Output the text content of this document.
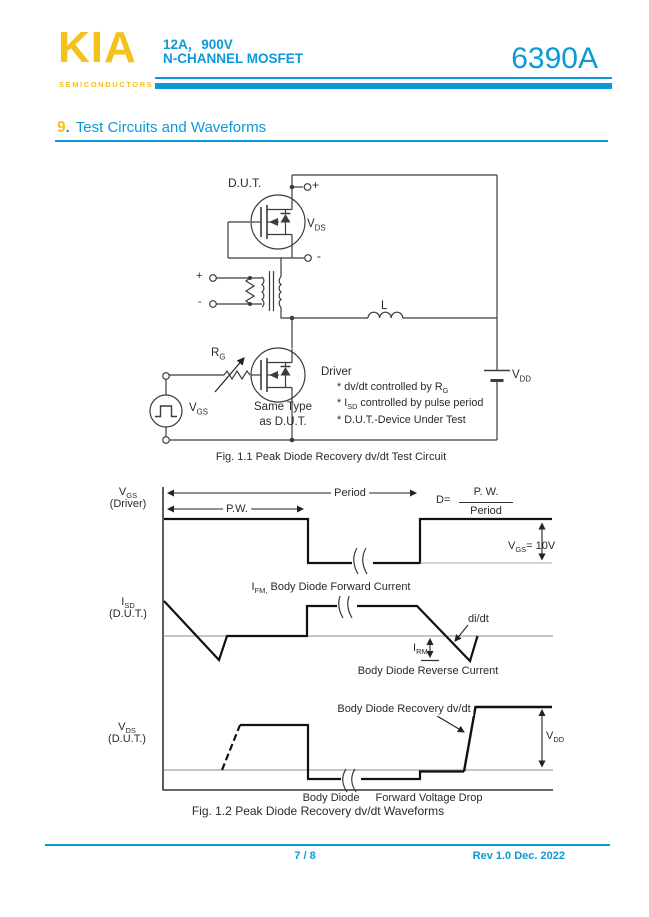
KIA
SEMICONDUCTORS
12A，900V
N-CHANNEL MOSFET	6390A
9. Test Circuits and Waveforms
D.U.T.	+
$V_{DS}$
-
+
-	L
$R_G$
Driver
Same Type
as D.U.T.
$V_{GS}$
$V_{DD}$
* dv/dt controlled by $R_G$
* $I_{SD}$ controlled by pulse period
* D.U.T.-Device Under Test
Fig. 1.1 Peak Diode Recovery dv/dt Test Circuit
$V_{GS}$
(Driver)
Period
P.W.
D=
P. W.
Period
$V_{GS}= 10V$
$I_{SD}$
(D.U.T.)
$I_{FM,}$ Body Diode Forward Current
di/dt
$I_{RM}$
Body Diode Reverse Current
$V_{DS}$
(D.U.T.)
Body Diode Recovery dv/dt
$V_{DD}$
Body Diode Forward Voltage Drop
Fig. 1.2 Peak Diode Recovery dv/dt Waveforms
7 / 8	Rev 1.0 Dec. 2022
